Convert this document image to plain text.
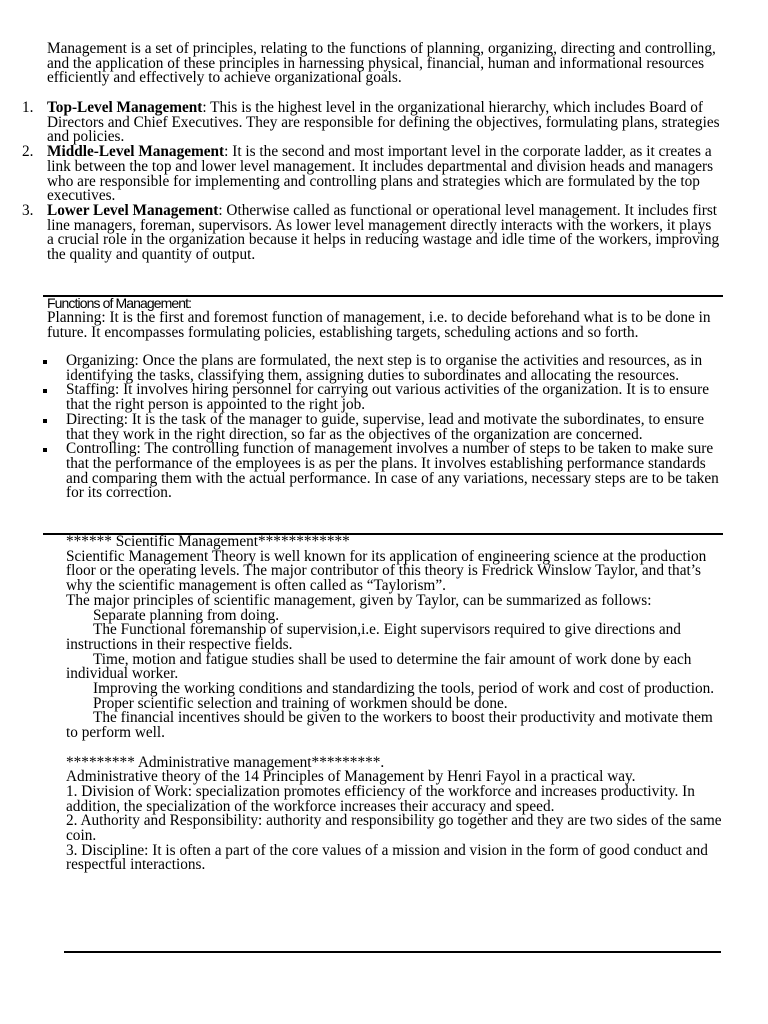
Management is a set of principles, relating to the functions of planning, organizing, directing and controlling, and the application of these principles in harnessing physical, financial, human and informational resources efficiently and effectively to achieve organizational goals.

1. Top-Level Management: This is the highest level in the organizational hierarchy, which includes Board of Directors and Chief Executives. They are responsible for defining the objectives, formulating plans, strategies and policies.
2. Middle-Level Management: It is the second and most important level in the corporate ladder, as it creates a link between the top and lower level management. It includes departmental and division heads and managers who are responsible for implementing and controlling plans and strategies which are formulated by the top executives.
3. Lower Level Management: Otherwise called as functional or operational level management. It includes first line managers, foreman, supervisors. As lower level management directly interacts with the workers, it plays a crucial role in the organization because it helps in reducing wastage and idle time of the workers, improving the quality and quantity of output.
Functions of Management:

Planning: It is the first and foremost function of management, i.e. to decide beforehand what is to be done in future. It encompasses formulating policies, establishing targets, scheduling actions and so forth.

Organizing: Once the plans are formulated, the next step is to organise the activities and resources, as in identifying the tasks, classifying them, assigning duties to subordinates and allocating the resources.
Staffing: It involves hiring personnel for carrying out various activities of the organization. It is to ensure that the right person is appointed to the right job.
Directing: It is the task of the manager to guide, supervise, lead and motivate the subordinates, to ensure that they work in the right direction, so far as the objectives of the organization are concerned.
Controlling: The controlling function of management involves a number of steps to be taken to make sure that the performance of the employees is as per the plans. It involves establishing performance standards and comparing them with the actual performance. In case of any variations, necessary steps are to be taken for its correction.

****** Scientific Management************

Scientific Management Theory is well known for its application of engineering science at the production floor or the operating levels. The major contributor of this theory is Fredrick Winslow Taylor, and that’s why the scientific management is often called as “Taylorism”.

The major principles of scientific management, given by Taylor, can be summarized as follows:

Separate planning from doing.

The Functional foremanship of supervision,i.e. Eight supervisors required to give directions and instructions in their respective fields.

Time, motion and fatigue studies shall be used to determine the fair amount of work done by each individual worker.

Improving the working conditions and standardizing the tools, period of work and cost of production.

Proper scientific selection and training of workmen should be done.

The financial incentives should be given to the workers to boost their productivity and motivate them to perform well.

********* Administrative management*********.

Administrative theory of the 14 Principles of Management by Henri Fayol in a practical way.

1. Division of Work: specialization promotes efficiency of the workforce and increases productivity. In addition, the specialization of the workforce increases their accuracy and speed.

2. Authority and Responsibility: authority and responsibility go together and they are two sides of the same coin.

3. Discipline: It is often a part of the core values of a mission and vision in the form of good conduct and respectful interactions.
